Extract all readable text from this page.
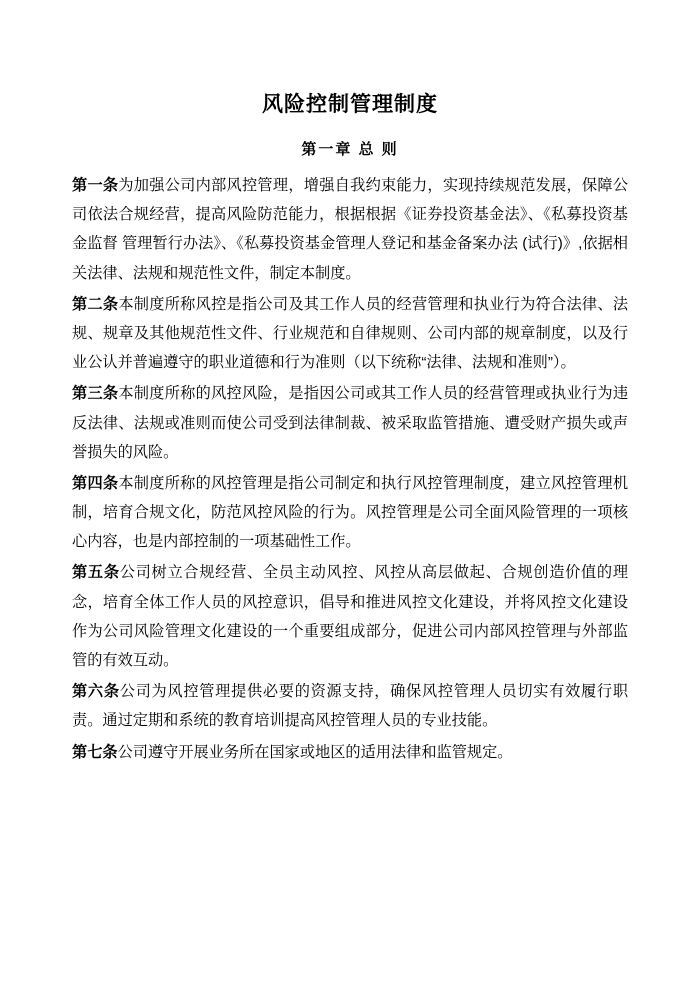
风险控制管理制度
第一章 总 则

第一条为加强公司内部风控管理，增强自我约束能力，实现持续规范发展，保障公司依法合规经营，提高风险防范能力，根据根据《证券投资基金法》、《私募投资基金监督 管理暂行办法》、《私募投资基金管理人登记和基金备案办法 (试行)》,依据相关法律、法规和规范性文件，制定本制度。

第二条本制度所称风控是指公司及其工作人员的经营管理和执业行为符合法律、法规、规章及其他规范性文件、行业规范和自律规则、公司内部的规章制度，以及行业公认并普遍遵守的职业道德和行为准则（以下统称“法律、法规和准则”）。

第三条本制度所称的风控风险，是指因公司或其工作人员的经营管理或执业行为违反法律、法规或准则而使公司受到法律制裁、被采取监管措施、遭受财产损失或声誉损失的风险。

第四条本制度所称的风控管理是指公司制定和执行风控管理制度，建立风控管理机制，培育合规文化，防范风控风险的行为。风控管理是公司全面风险管理的一项核心内容，也是内部控制的一项基础性工作。

第五条公司树立合规经营、全员主动风控、风控从高层做起、合规创造价值的理念，培育全体工作人员的风控意识，倡导和推进风控文化建设，并将风控文化建设作为公司风险管理文化建设的一个重要组成部分，促进公司内部风控管理与外部监管的有效互动。

第六条公司为风控管理提供必要的资源支持，确保风控管理人员切实有效履行职责。通过定期和系统的教育培训提高风控管理人员的专业技能。

第七条公司遵守开展业务所在国家或地区的适用法律和监管规定。
